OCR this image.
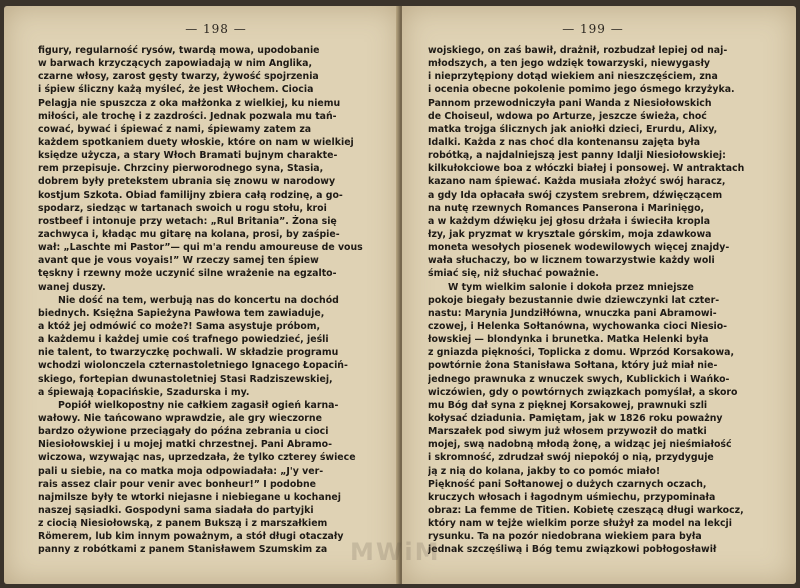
— 198 —
figury, regularność rysów, twardą mowa, upodobanie
w barwach krzyczących zapowiadają w nim Anglika,
czarne włosy, zarost gęsty twarzy, żywość spojrzenia
i śpiew śliczny każą myśleć, że jest Włochem. Ciocia
Pelagja nie spuszcza z oka małżonka z wielkiej, ku niemu
miłości, ale trochę i z zazdrości. Jednak pozwala mu tań-
cować, bywać i śpiewać z nami, śpiewamy zatem za
każdem spotkaniem duety włoskie, które on nam w wielkiej
księdze użycza, a stary Włoch Bramati bujnym charakte-
rem przepisuje. Chrzciny pierworodnego syna, Stasia,
dobrem były pretekstem ubrania się znowu w narodowy
kostjum Szkota. Obiad familijny zbiera całą rodzinę, a go-
spodarz, siedząc w tartanach swoich u rogu stołu, kroi
rostbeef i intonuje przy wetach: „Rul Britania”. Żona się
zachwyca i, kładąc mu gitarę na kolana, prosi, by zaśpie-
wał: „Laschte mi Pastor”— qui m'a rendu amoureuse de vous
avant que je vous voyais!” W rzeczy samej ten śpiew
tęskny i rzewny może uczynić silne wrażenie na egzalto-
wanej duszy.
Nie dość na tem, werbują nas do koncertu na dochód
biednych. Księżna Sapieżyna Pawłowa tem zawiaduje,
a któż jej odmówić co może?! Sama asystuje próbom,
a każdemu i każdej umie coś trafnego powiedzieć, jeśli
nie talent, to twarzyczkę pochwali. W składzie programu
wchodzi wiolonczela czternastoletniego Ignacego Łopaciń-
skiego, fortepian dwunastoletniej Stasi Radziszewskiej,
a śpiewają Łopacińskie, Szadurska i my.
Popiół wielkopostny nie całkiem zagasił ogień karna-
wałowy. Nie tańcowano wprawdzie, ale gry wieczorne
bardzo ożywione przeciągały do późna zebrania u cioci
Niesiołowskiej i u mojej matki chrzestnej. Pani Abramo-
wiczowa, wzywając nas, uprzedzała, że tylko czterey świece
pali u siebie, na co matka moja odpowiadała: „J'y ver-
rais assez clair pour venir avec bonheur!” I podobne
najmilsze były te wtorki niejasne i niebiegane u kochanej
naszej sąsiadki. Gospodyni sama siadała do partyjki
z ciocią Niesiołowską, z panem Bukszą i z marszałkiem
Römerem, lub kim innym poważnym, a stół długi otaczały
panny z robótkami z panem Stanisławem Szumskim za
— 199 —
wojskiego, on zaś bawił, drażnił, rozbudzał lepiej od naj-
młodszych, a ten jego wdzięk towarzyski, niewygasły
i nieprzytępiony dotąd wiekiem ani nieszczęściem, zna
i ocenia obecne pokolenie pomimo jego ósmego krzyżyka.
Pannom przewodniczyła pani Wanda z Niesiołowskich
de Choiseul, wdowa po Arturze, jeszcze świeża, choć
matka trojga ślicznych jak aniołki dzieci, Erurdu, Alixy,
Idalki. Każda z nas choć dla kontenansu zajęta była
robótką, a najdalniejszą jest panny Idalji Niesiołowskiej:
kilkułokciowe boa z włóczki białej i ponsowej. W antraktach
kazano nam śpiewać. Każda musiała złożyć swój haracz,
a gdy Ida opłacała swój czystem srebrem, dźwięczącem
na nutę rzewnych Romances Panserona i Marinięgo,
a w każdym dźwięku jej głosu drżała i świeciła kropla
łzy, jak pryzmat w krysztale górskim, moja zdawkowa
moneta wesołych piosenek wodewilowych więcej znajdy-
wała słuchaczy, bo w licznem towarzystwie każdy woli
śmiać się, niż słuchać poważnie.
W tym wielkim salonie i dokoła przez mniejsze
pokoje biegały bezustannie dwie dziewczynki lat czter-
nastu: Marynia Jundziłłówna, wnuczka pani Abramowi-
czowej, i Helenka Sołtanówna, wychowanka cioci Niesio-
łowskiej — blondynka i brunetka. Matka Helenki była
z gniazda piękności, Toplicka z domu. Wprzód Korsakowa,
powtórnie żona Stanisława Sołtana, który już miał nie-
jednego prawnuka z wnuczek swych, Kublickich i Wańko-
wiczówien, gdy o powtórnych związkach pomyślał, a skoro
mu Bóg dał syna z pięknej Korsakowej, prawnuki szli
kołysać dziadunia. Pamiętam, jak w 1826 roku poważny
Marszałek pod siwym już włosem przywoził do matki
mojej, swą nadobną młodą żonę, a widząc jej nieśmiałość
i skromność, zdrudzał swój niepokój o nią, przydyguje
ją z nią do kolana, jakby to co pomóc miało!
Piękność pani Sołtanowej o dużych czarnych oczach,
kruczych włosach i łagodnym uśmiechu, przypominała
obraz: La femme de Titien. Kobietę czeszącą długi warkocz,
który nam w tejże wielkim porze służył za model na lekcji
rysunku. Ta na pozór niedobrana wiekiem para była
jednak szczęśliwą i Bóg temu związkowi pobłogosławił
MWiM
